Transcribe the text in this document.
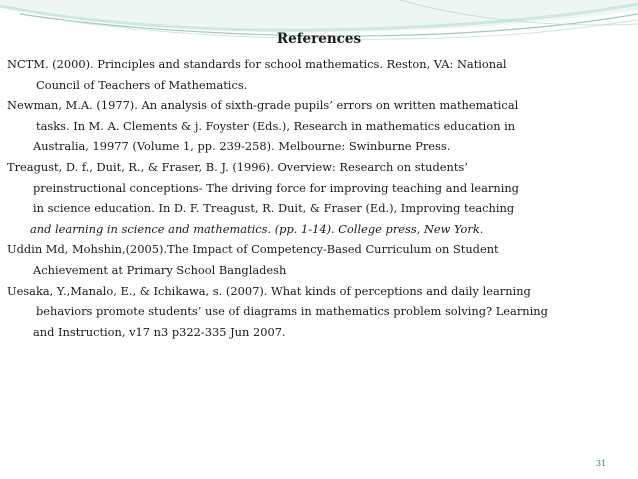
References
NCTM. (2000). Principles and standards for school mathematics. Reston, VA: National
Council of Teachers of Mathematics.
Newman, M.A. (1977). An analysis of sixth-grade pupils’ errors on written mathematical
tasks. In M. A. Clements & j. Foyster (Eds.), Research in mathematics education in
Australia, 19977 (Volume 1, pp. 239-258). Melbourne: Swinburne Press.
Treagust, D. f., Duit, R., & Fraser, B. J. (1996). Overview: Research on students’
preinstructional conceptions- The driving force for improving teaching and learning
in science education. In D. F. Treagust, R. Duit, & Fraser (Ed.), Improving teaching
and learning in science and mathematics. (pp. 1-14). College press, New York.
Uddin Md, Mohshin,(2005).The Impact of Competency-Based Curriculum on Student
Achievement at Primary School Bangladesh
Uesaka, Y.,Manalo, E., & Ichikawa, s. (2007). What kinds of perceptions and daily learning
behaviors promote students’ use of diagrams in mathematics problem solving? Learning
and Instruction, v17 n3 p322-335 Jun 2007.
31
